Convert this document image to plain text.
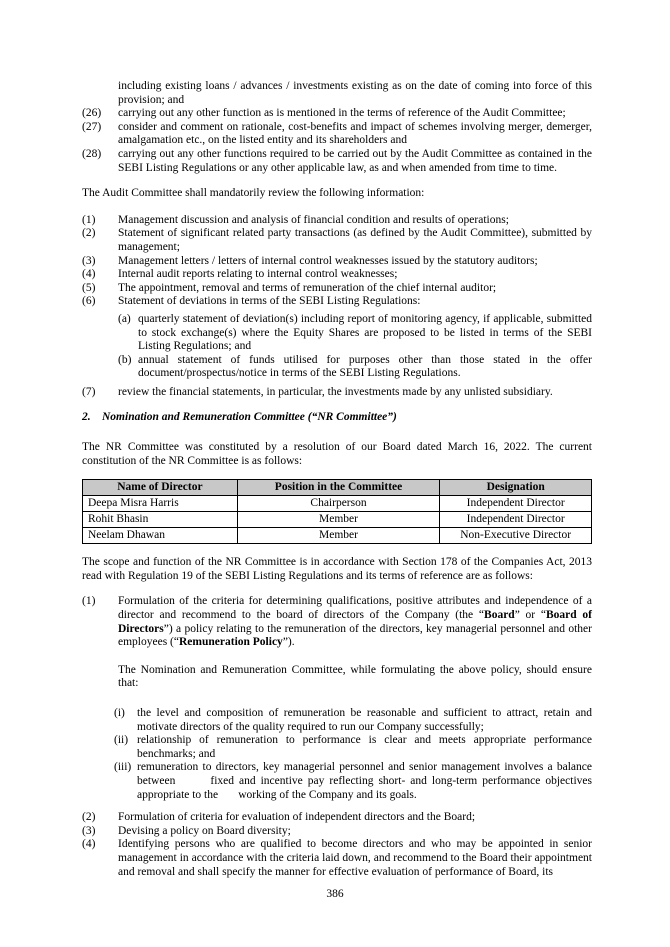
including existing loans / advances / investments existing as on the date of coming into force of this provision; and
(26)	carrying out any other function as is mentioned in the terms of reference of the Audit Committee;
(27)	consider and comment on rationale, cost-benefits and impact of schemes involving merger, demerger, amalgamation etc., on the listed entity and its shareholders and
(28)	carrying out any other functions required to be carried out by the Audit Committee as contained in the SEBI Listing Regulations or any other applicable law, as and when amended from time to time.

The Audit Committee shall mandatorily review the following information:

(1)	Management discussion and analysis of financial condition and results of operations;
(2)	Statement of significant related party transactions (as defined by the Audit Committee), submitted by management;
(3)	Management letters / letters of internal control weaknesses issued by the statutory auditors;
(4)	Internal audit reports relating to internal control weaknesses;
(5)	The appointment, removal and terms of remuneration of the chief internal auditor;
(6)	Statement of deviations in terms of the SEBI Listing Regulations:
(a) quarterly statement of deviation(s) including report of monitoring agency, if applicable, submitted to stock exchange(s) where the Equity Shares are proposed to be listed in terms of the SEBI Listing Regulations; and
(b) annual statement of funds utilised for purposes other than those stated in the offer document/prospectus/notice in terms of the SEBI Listing Regulations.
(7)	review the financial statements, in particular, the investments made by any unlisted subsidiary.
2. Nomination and Remuneration Committee (“NR Committee”)

The NR Committee was constituted by a resolution of our Board dated March 16, 2022. The current constitution of the NR Committee is as follows:

Name of Director	Position in the Committee	Designation
Deepa Misra Harris	Chairperson	Independent Director
Rohit Bhasin	Member	Independent Director
Neelam Dhawan	Member	Non-Executive Director

The scope and function of the NR Committee is in accordance with Section 178 of the Companies Act, 2013 read with Regulation 19 of the SEBI Listing Regulations and its terms of reference are as follows:

(1)	Formulation of the criteria for determining qualifications, positive attributes and independence of a director and recommend to the board of directors of the Company (the “Board” or “Board of Directors”) a policy relating to the remuneration of the directors, key managerial personnel and other employees (“Remuneration Policy”).

The Nomination and Remuneration Committee, while formulating the above policy, should ensure that:

(i)	the level and composition of remuneration be reasonable and sufficient to attract, retain and motivate directors of the quality required to run our Company successfully;
(ii) relationship of remuneration to performance is clear and meets appropriate performance benchmarks; and
(iii) remuneration to directors, key managerial personnel and senior management involves a balance between       fixed and incentive pay reflecting short- and long-term performance objectives appropriate to the       working of the Company and its goals.
(2)	Formulation of criteria for evaluation of independent directors and the Board;
(3)	Devising a policy on Board diversity;
(4)	Identifying persons who are qualified to become directors and who may be appointed in senior management in accordance with the criteria laid down, and recommend to the Board their appointment and removal and shall specify the manner for effective evaluation of performance of Board, its
386
